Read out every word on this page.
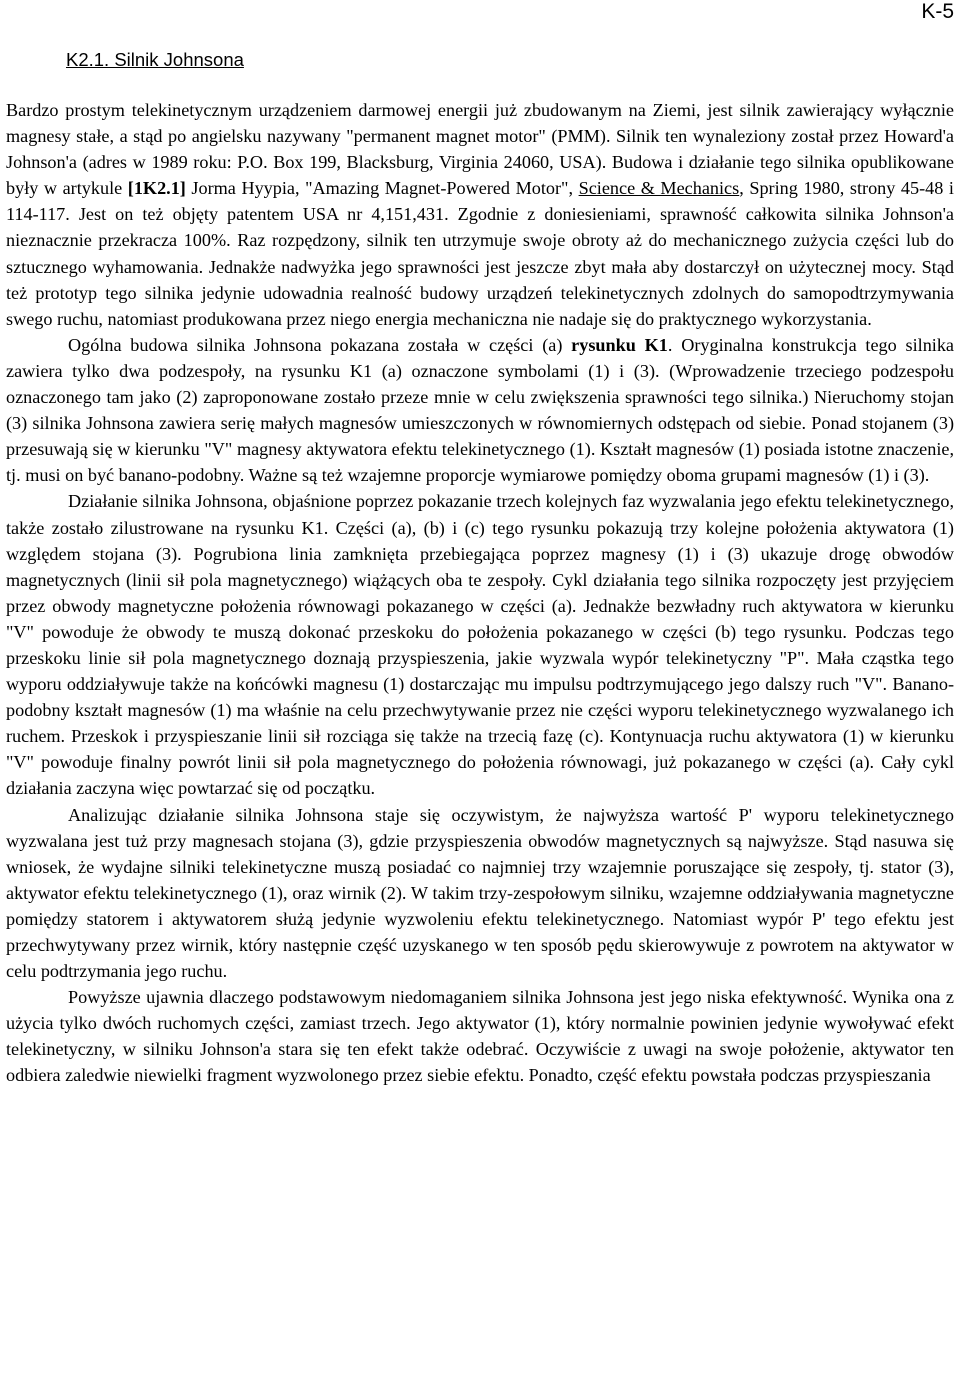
K-5
K2.1. Silnik Johnsona

Bardzo prostym telekinetycznym urządzeniem darmowej energii już zbudowanym na Ziemi, jest silnik zawierający wyłącznie magnesy stałe, a stąd po angielsku nazywany "permanent magnet motor" (PMM). Silnik ten wynaleziony został przez Howard'a Johnson'a (adres w 1989 roku: P.O. Box 199, Blacksburg, Virginia 24060, USA). Budowa i działanie tego silnika opublikowane były w artykule [1K2.1] Jorma Hyypia, "Amazing Magnet-Powered Motor", Science & Mechanics, Spring 1980, strony 45-48 i 114-117. Jest on też objęty patentem USA nr 4,151,431. Zgodnie z doniesieniami, sprawność całkowita silnika Johnson'a nieznacznie przekracza 100%. Raz rozpędzony, silnik ten utrzymuje swoje obroty aż do mechanicznego zużycia części lub do sztucznego wyhamowania. Jednakże nadwyżka jego sprawności jest jeszcze zbyt mała aby dostarczył on użytecznej mocy. Stąd też prototyp tego silnika jedynie udowadnia realność budowy urządzeń telekinetycznych zdolnych do samopodtrzymywania swego ruchu, natomiast produkowana przez niego energia mechaniczna nie nadaje się do praktycznego wykorzystania.

Ogólna budowa silnika Johnsona pokazana została w części (a) rysunku K1. Oryginalna konstrukcja tego silnika zawiera tylko dwa podzespoły, na rysunku K1 (a) oznaczone symbolami (1) i (3). (Wprowadzenie trzeciego podzespołu oznaczonego tam jako (2) zaproponowane zostało przeze mnie w celu zwiększenia sprawności tego silnika.) Nieruchomy stojan (3) silnika Johnsona zawiera serię małych magnesów umieszczonych w równomiernych odstępach od siebie. Ponad stojanem (3) przesuwają się w kierunku "V" magnesy aktywatora efektu telekinetycznego (1). Kształt magnesów (1) posiada istotne znaczenie, tj. musi on być banano-podobny. Ważne są też wzajemne proporcje wymiarowe pomiędzy oboma grupami magnesów (1) i (3).

Działanie silnika Johnsona, objaśnione poprzez pokazanie trzech kolejnych faz wyzwalania jego efektu telekinetycznego, także zostało zilustrowane na rysunku K1. Części (a), (b) i (c) tego rysunku pokazują trzy kolejne położenia aktywatora (1) względem stojana (3). Pogrubiona linia zamknięta przebiegająca poprzez magnesy (1) i (3) ukazuje drogę obwodów magnetycznych (linii sił pola magnetycznego) wiążących oba te zespoły. Cykl działania tego silnika rozpoczęty jest przyjęciem przez obwody magnetyczne położenia równowagi pokazanego w części (a). Jednakże bezwładny ruch aktywatora w kierunku "V" powoduje że obwody te muszą dokonać przeskoku do położenia pokazanego w części (b) tego rysunku. Podczas tego przeskoku linie sił pola magnetycznego doznają przyspieszenia, jakie wyzwala wypór telekinetyczny "P". Mała cząstka tego wyporu oddziaływuje także na końcówki magnesu (1) dostarczając mu impulsu podtrzymującego jego dalszy ruch "V". Banano-podobny kształt magnesów (1) ma właśnie na celu przechwytywanie przez nie części wyporu telekinetycznego wyzwalanego ich ruchem. Przeskok i przyspieszanie linii sił rozciąga się także na trzecią fazę (c). Kontynuacja ruchu aktywatora (1) w kierunku "V" powoduje finalny powrót linii sił pola magnetycznego do położenia równowagi, już pokazanego w części (a). Cały cykl działania zaczyna więc powtarzać się od początku.

Analizując działanie silnika Johnsona staje się oczywistym, że najwyższa wartość P' wyporu telekinetycznego wyzwalana jest tuż przy magnesach stojana (3), gdzie przyspieszenia obwodów magnetycznych są najwyższe. Stąd nasuwa się wniosek, że wydajne silniki telekinetyczne muszą posiadać co najmniej trzy wzajemnie poruszające się zespoły, tj. stator (3), aktywator efektu telekinetycznego (1), oraz wirnik (2). W takim trzy-zespołowym silniku, wzajemne oddziaływania magnetyczne pomiędzy statorem i aktywatorem służą jedynie wyzwoleniu efektu telekinetycznego. Natomiast wypór P' tego efektu jest przechwytywany przez wirnik, który następnie część uzyskanego w ten sposób pędu skierowywuje z powrotem na aktywator w celu podtrzymania jego ruchu.

Powyższe ujawnia dlaczego podstawowym niedomaganiem silnika Johnsona jest jego niska efektywność. Wynika ona z użycia tylko dwóch ruchomych części, zamiast trzech. Jego aktywator (1), który normalnie powinien jedynie wywoływać efekt telekinetyczny, w silniku Johnson'a stara się ten efekt także odebrać. Oczywiście z uwagi na swoje położenie, aktywator ten odbiera zaledwie niewielki fragment wyzwolonego przez siebie efektu. Ponadto, część efektu powstała podczas przyspieszania
